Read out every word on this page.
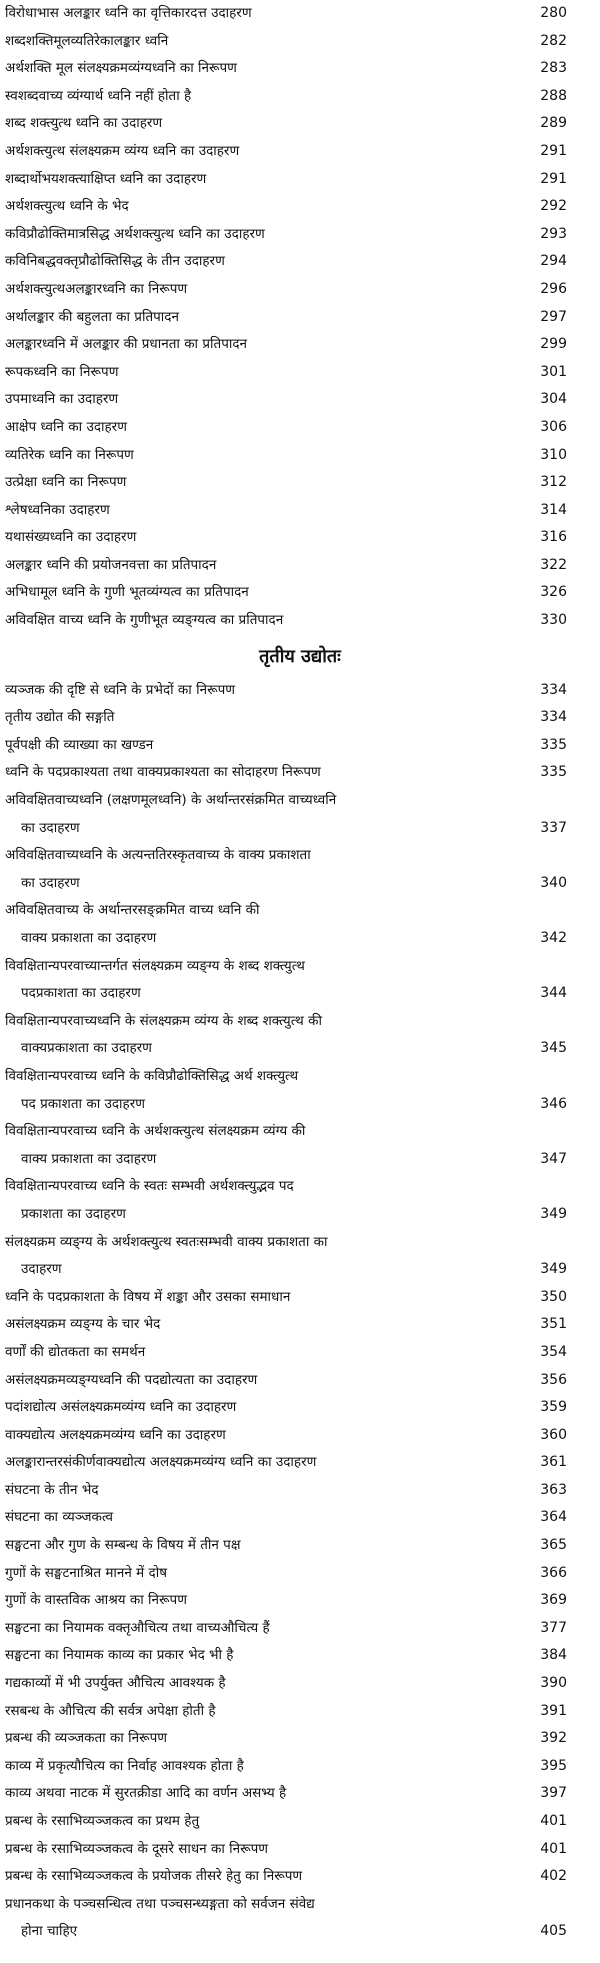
विरोधाभास अलङ्कार ध्वनि का वृत्तिकारदत्त उदाहरण	280
शब्दशक्तिमूलव्यतिरेकालङ्कार ध्वनि	282
अर्थशक्ति मूल संलक्ष्यक्रमव्यंग्यध्वनि का निरूपण	283
स्वशब्दवाच्य व्यंग्यार्थ ध्वनि नहीं होता है	288
शब्द शक्त्युत्थ ध्वनि का उदाहरण	289
अर्थशक्त्युत्थ संलक्ष्यक्रम व्यंग्य ध्वनि का उदाहरण	291
शब्दार्थोभयशक्त्याक्षिप्त ध्वनि का उदाहरण	291
अर्थशक्त्युत्थ ध्वनि के भेद	292
कविप्रौढोक्तिमात्रसिद्ध अर्थशक्त्युत्थ ध्वनि का उदाहरण	293
कविनिबद्धवक्तृप्रौढोक्तिसिद्ध के तीन उदाहरण	294
अर्थशक्त्युत्थअलङ्कारध्वनि का निरूपण	296
अर्थालङ्कार की बहुलता का प्रतिपादन	297
अलङ्कारध्वनि में अलङ्कार की प्रधानता का प्रतिपादन	299
रूपकध्वनि का निरूपण	301
उपमाध्वनि का उदाहरण	304
आक्षेप ध्वनि का उदाहरण	306
व्यतिरेक ध्वनि का निरूपण	310
उत्प्रेक्षा ध्वनि का निरूपण	312
श्लेषध्वनिका उदाहरण	314
यथासंख्यध्वनि का उदाहरण	316
अलङ्कार ध्वनि की प्रयोजनवत्ता का प्रतिपादन	322
अभिधामूल ध्वनि के गुणी भूतव्यंग्यत्व का प्रतिपादन	326
अविवक्षित वाच्य ध्वनि के गुणीभूत व्यङ्ग्यत्व का प्रतिपादन	330
तृतीय उद्योतः
व्यञ्जक की दृष्टि से ध्वनि के प्रभेदों का निरूपण	334
तृतीय उद्योत की सङ्गति	334
पूर्वपक्षी की व्याख्या का खण्डन	335
ध्वनि के पदप्रकाश्यता तथा वाक्यप्रकाश्यता का सोदाहरण निरूपण	335
अविवक्षितवाच्यध्वनि (लक्षणमूलध्वनि) के अर्थान्तरसंक्रमित वाच्यध्वनि
का उदाहरण	337
अविवक्षितवाच्यध्वनि के अत्यन्ततिरस्कृतवाच्य के वाक्य प्रकाशता
का उदाहरण	340
अविवक्षितवाच्य के अर्थान्तरसङ्क्रमित वाच्य ध्वनि की
वाक्य प्रकाशता का उदाहरण	342
विवक्षितान्यपरवाच्यान्तर्गत संलक्ष्यक्रम व्यङ्ग्य के शब्द शक्त्युत्थ
पदप्रकाशता का उदाहरण	344
विवक्षितान्यपरवाच्यध्वनि के संलक्ष्यक्रम व्यंग्य के शब्द शक्त्युत्थ की
वाक्यप्रकाशता का उदाहरण	345
विवक्षितान्यपरवाच्य ध्वनि के कविप्रौढोक्तिसिद्ध अर्थ शक्त्युत्थ
पद प्रकाशता का उदाहरण	346
विवक्षितान्यपरवाच्य ध्वनि के अर्थशक्त्युत्थ संलक्ष्यक्रम व्यंग्य की
वाक्य प्रकाशता का उदाहरण	347
विवक्षितान्यपरवाच्य ध्वनि के स्वतः सम्भवी अर्थशक्त्युद्भव पद
प्रकाशता का उदाहरण	349
संलक्ष्यक्रम व्यङ्ग्य के अर्थशक्त्युत्थ स्वतःसम्भवी वाक्य प्रकाशता का
उदाहरण	349
ध्वनि के पदप्रकाशता के विषय में शङ्का और उसका समाधान	350
असंलक्ष्यक्रम व्यङ्ग्य के चार भेद	351
वर्णों की द्योतकता का समर्थन	354
असंलक्ष्यक्रमव्यङ्ग्यध्वनि की पदद्योत्यता का उदाहरण	356
पदांशद्योत्य असंलक्ष्यक्रमव्यंग्य ध्वनि का उदाहरण	359
वाक्यद्योत्य अलक्ष्यक्रमव्यंग्य ध्वनि का उदाहरण	360
अलङ्कारान्तरसंकीर्णवाक्यद्योत्य अलक्ष्यक्रमव्यंग्य ध्वनि का उदाहरण	361
संघटना के तीन भेद	363
संघटना का व्यञ्जकत्व	364
सङ्घटना और गुण के सम्बन्ध के विषय में तीन पक्ष	365
गुणों के सङ्घटनाश्रित मानने में दोष	366
गुणों के वास्तविक आश्रय का निरूपण	369
सङ्घटना का नियामक वक्तृऔचित्य तथा वाच्यऔचित्य हैं	377
सङ्घटना का नियामक काव्य का प्रकार भेद भी है	384
गद्यकाव्यों में भी उपर्युक्त औचित्य आवश्यक है	390
रसबन्ध के औचित्य की सर्वत्र अपेक्षा होती है	391
प्रबन्ध की व्यञ्जकता का निरूपण	392
काव्य में प्रकृत्यौचित्य का निर्वाह आवश्यक होता है	395
काव्य अथवा नाटक में सुरतक्रीडा आदि का वर्णन असभ्य है	397
प्रबन्ध के रसाभिव्यञ्जकत्व का प्रथम हेतु	401
प्रबन्ध के रसाभिव्यञ्जकत्व के दूसरे साधन का निरूपण	401
प्रबन्ध के रसाभिव्यञ्जकत्व के प्रयोजक तीसरे हेतु का निरूपण	402
प्रधानकथा के पञ्चसन्धित्व तथा पञ्चसन्ध्यङ्गता को सर्वजन संवेद्य
होना चाहिए	405
